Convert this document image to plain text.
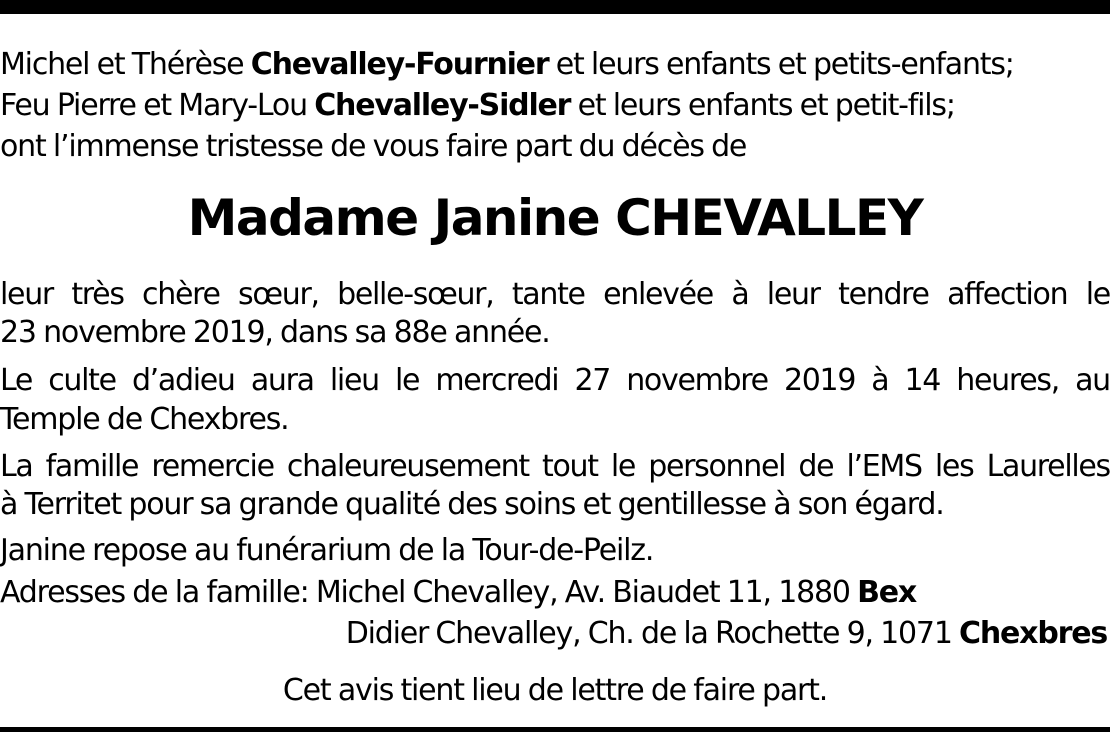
Michel et Thérèse Chevalley-Fournier et leurs enfants et petits-enfants;
Feu Pierre et Mary-Lou Chevalley-Sidler et leurs enfants et petit-fils;
ont l’immense tristesse de vous faire part du décès de
Madame Janine CHEVALLEY
leur très chère sœur, belle-sœur, tante enlevée à leur tendre affection le
23 novembre 2019, dans sa 88e année.
Le culte d’adieu aura lieu le mercredi 27 novembre 2019 à 14 heures, au
Temple de Chexbres.
La famille remercie chaleureusement tout le personnel de l’EMS les Laurelles
à Territet pour sa grande qualité des soins et gentillesse à son égard.
Janine repose au funérarium de la Tour-de-Peilz.
Adresses de la famille: Michel Chevalley, Av. Biaudet 11, 1880 Bex
Didier Chevalley, Ch. de la Rochette 9, 1071 Chexbres
Cet avis tient lieu de lettre de faire part.
